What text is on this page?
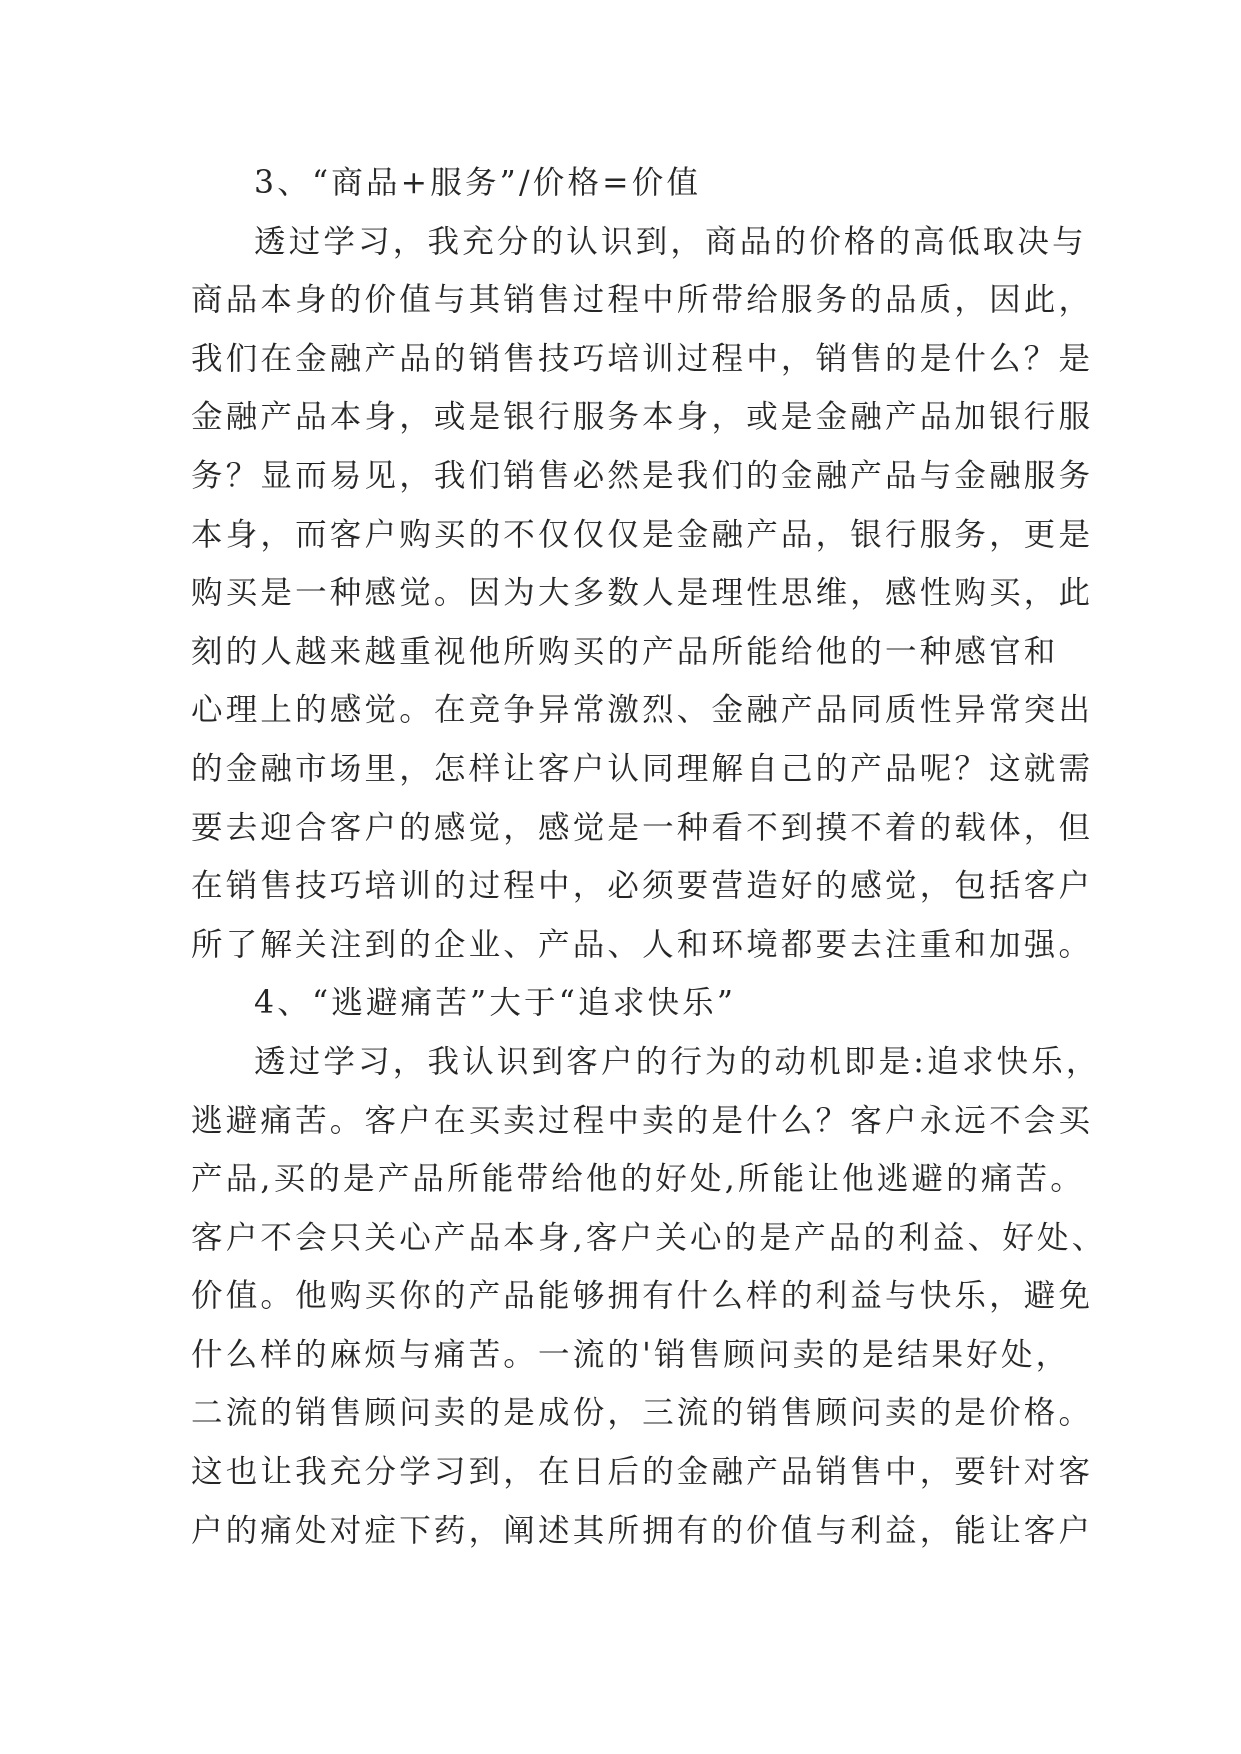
3、“商品+服务”/价格=价值
透过学习，我充分的认识到，商品的价格的高低取决与
商品本身的价值与其销售过程中所带给服务的品质，因此，
我们在金融产品的销售技巧培训过程中，销售的是什么？是
金融产品本身，或是银行服务本身，或是金融产品加银行服
务？显而易见，我们销售必然是我们的金融产品与金融服务
本身，而客户购买的不仅仅仅是金融产品，银行服务，更是
购买是一种感觉。因为大多数人是理性思维，感性购买，此
刻的人越来越重视他所购买的产品所能给他的一种感官和
心理上的感觉。在竞争异常激烈、金融产品同质性异常突出
的金融市场里，怎样让客户认同理解自己的产品呢？这就需
要去迎合客户的感觉，感觉是一种看不到摸不着的载体，但
在销售技巧培训的过程中，必须要营造好的感觉，包括客户
所了解关注到的企业、产品、人和环境都要去注重和加强。
4、“逃避痛苦”大于“追求快乐”
透过学习，我认识到客户的行为的动机即是:追求快乐，
逃避痛苦。客户在买卖过程中卖的是什么？客户永远不会买
产品,买的是产品所能带给他的好处,所能让他逃避的痛苦。
客户不会只关心产品本身,客户关心的是产品的利益、好处、
价值。他购买你的产品能够拥有什么样的利益与快乐，避免
什么样的麻烦与痛苦。一流的'销售顾问卖的是结果好处，
二流的销售顾问卖的是成份，三流的销售顾问卖的是价格。
这也让我充分学习到，在日后的金融产品销售中，要针对客
户的痛处对症下药，阐述其所拥有的价值与利益，能让客户
